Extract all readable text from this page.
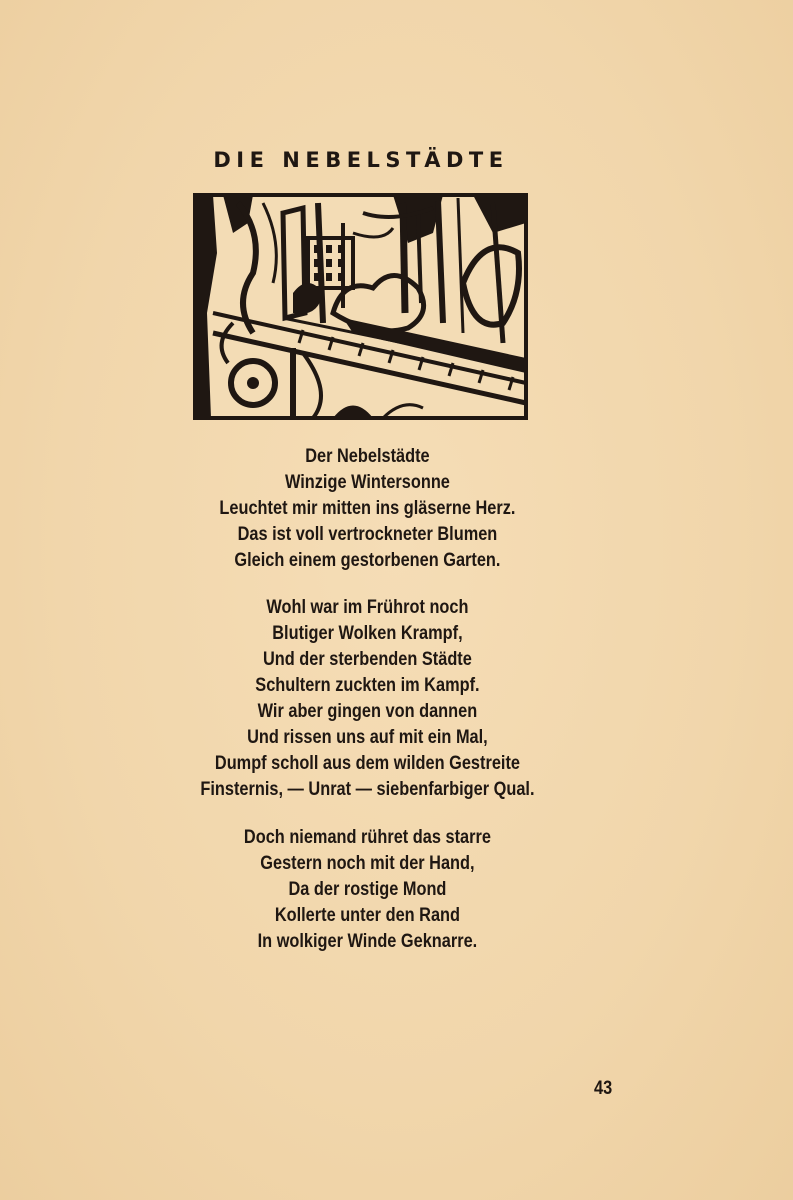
DIE NEBELSTÄDTE
Der Nebelstädte
Winzige Wintersonne
Leuchtet mir mitten ins gläserne Herz.
Das ist voll vertrockneter Blumen
Gleich einem gestorbenen Garten.
Wohl war im Frührot noch
Blutiger Wolken Krampf,
Und der sterbenden Städte
Schultern zuckten im Kampf.
Wir aber gingen von dannen
Und rissen uns auf mit ein Mal,
Dumpf scholl aus dem wilden Gestreite
Finsternis, — Unrat — siebenfarbiger Qual.
Doch niemand rühret das starre
Gestern noch mit der Hand,
Da der rostige Mond
Kollerte unter den Rand
In wolkiger Winde Geknarre.
43
